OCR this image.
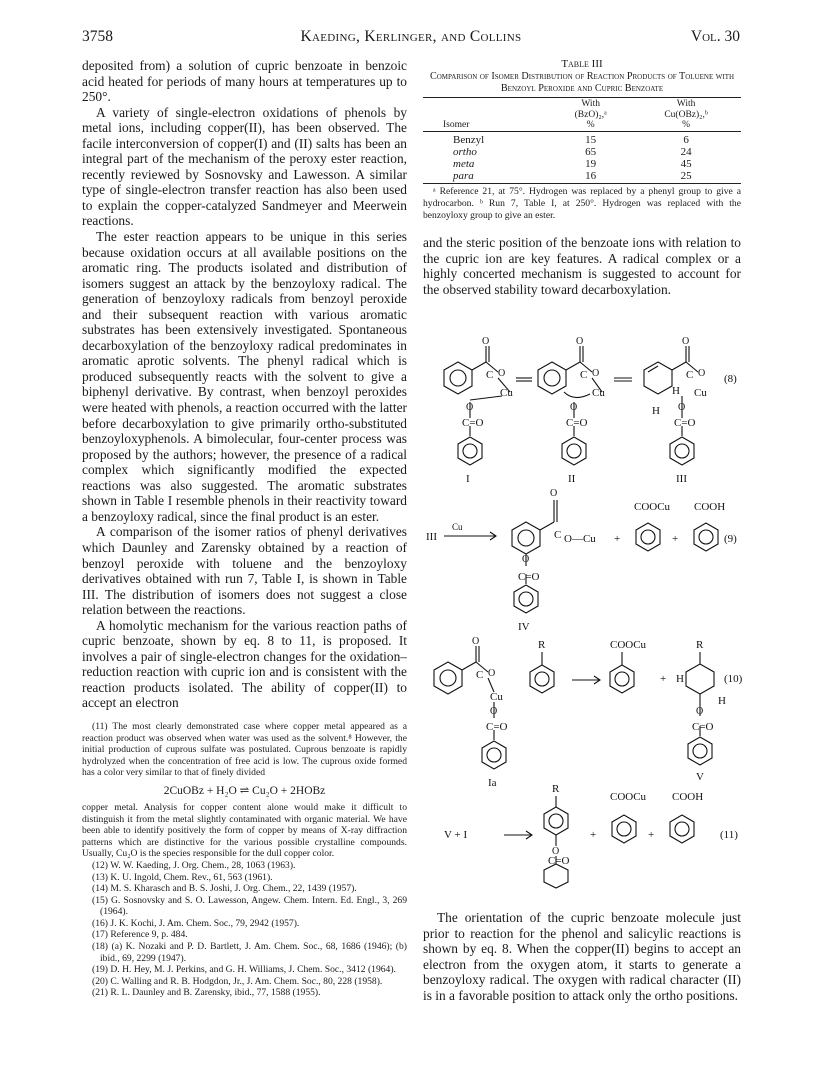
3758	Kaeding, Kerlinger, and Collins	Vol. 30

deposited from) a solution of cupric benzoate in benzoic acid heated for periods of many hours at temperatures up to 250°.

A variety of single-electron oxidations of phenols by metal ions, including copper(II), has been observed. The facile interconversion of copper(I) and (II) salts has been an integral part of the mechanism of the peroxy ester reaction, recently reviewed by Sosnovsky and Lawesson. A similar type of single-electron transfer reaction has also been used to explain the copper-catalyzed Sandmeyer and Meerwein reactions.

The ester reaction appears to be unique in this series because oxidation occurs at all available positions on the aromatic ring. The products isolated and distribution of isomers suggest an attack by the benzoyloxy radical. The generation of benzoyloxy radicals from benzoyl peroxide and their subsequent reaction with various aromatic substrates has been extensively investigated. Spontaneous decarboxylation of the benzoyloxy radical predominates in aromatic aprotic solvents. The phenyl radical which is produced subsequently reacts with the solvent to give a biphenyl derivative. By contrast, when benzoyl peroxides were heated with phenols, a reaction occurred with the latter before decarboxylation to give primarily ortho-substituted benzoyloxyphenols. A bimolecular, four-center process was proposed by the authors; however, the presence of a radical complex which significantly modified the expected reactions was also suggested. The aromatic substrates shown in Table I resemble phenols in their reactivity toward a benzoyloxy radical, since the final product is an ester.

A comparison of the isomer ratios of phenyl derivatives which Daunley and Zarensky obtained by a reaction of benzoyl peroxide with toluene and the benzoyloxy derivatives obtained with run 7, Table I, is shown in Table III. The distribution of isomers does not suggest a close relation between the reactions.

A homolytic mechanism for the various reaction paths of cupric benzoate, shown by eq. 8 to 11, is proposed. It involves a pair of single-electron changes for the oxidation–reduction reaction with cupric ion and is consistent with the reaction products isolated. The ability of copper(II) to accept an electron

(11) The most clearly demonstrated case where copper metal appeared as a reaction product was observed when water was used as the solvent.⁸ However, the initial production of cuprous sulfate was postulated. Cuprous benzoate is rapidly hydrolyzed when the concentration of free acid is low. The cuprous oxide formed has a color very similar to that of finely divided

2CuOBz + H₂O ⇌ Cu₂O + 2HOBz

copper metal. Analysis for copper content alone would make it difficult to distinguish it from the metal slightly contaminated with organic material. We have been able to identify positively the form of copper by means of X-ray diffraction patterns which are distinctive for the various possible crystalline compounds. Usually, Cu₂O is the species responsible for the dull copper color.

(12) W. W. Kaeding, J. Org. Chem., 28, 1063 (1963).

(13) K. U. Ingold, Chem. Rev., 61, 563 (1961).

(14) M. S. Kharasch and B. S. Joshi, J. Org. Chem., 22, 1439 (1957).

(15) G. Sosnovsky and S. O. Lawesson, Angew. Chem. Intern. Ed. Engl., 3, 269 (1964).

(16) J. K. Kochi, J. Am. Chem. Soc., 79, 2942 (1957).

(17) Reference 9, p. 484.

(18) (a) K. Nozaki and P. D. Bartlett, J. Am. Chem. Soc., 68, 1686 (1946); (b) ibid., 69, 2299 (1947).

(19) D. H. Hey, M. J. Perkins, and G. H. Williams, J. Chem. Soc., 3412 (1964).

(20) C. Walling and R. B. Hodgdon, Jr., J. Am. Chem. Soc., 80, 228 (1958).

(21) R. L. Daunley and B. Zarensky, ibid., 77, 1588 (1955).

Table III
Comparison of Isomer Distribution of Reaction Products of Toluene with Benzoyl Peroxide and Cupric Benzoate
	With	With
	(BzO)₂,ᵃ	Cu(OBz)₂,ᵇ
Isomer	%	%

Benzyl	15	6
ortho	65	24
meta	19	45
para	16	25

ᵃ Reference 21, at 75°. Hydrogen was replaced by a phenyl group to give a hydrocarbon. ᵇ Run 7, Table I, at 250°. Hydrogen was replaced with the benzoyloxy group to give an ester.

and the steric position of the benzoate ions with relation to the cupric ion are key features. A radical complex or a highly concerted mechanism is suggested to account for the observed stability toward decarboxylation.

O	O	O
C O	C O	C O
Cu	Cu	Cu
O	O	O
C=O	C=O	C=O
H
H
(8)
I	II	III
III
Cu
O
C O—Cu +	+
COOCu COOH
O
C=O
(9)
IV
O
C O
Cu
O
C=O
R	COOCu
+ H
R
O
H
C=O
(10)
Ia	V
V + I
R
O
C=O
+	+
COOCu COOH
(11)

The orientation of the cupric benzoate molecule just prior to reaction for the phenol and salicylic reactions is shown by eq. 8. When the copper(II) begins to accept an electron from the oxygen atom, it starts to generate a benzoyloxy radical. The oxygen with radical character (II) is in a favorable position to attack only the ortho positions.
